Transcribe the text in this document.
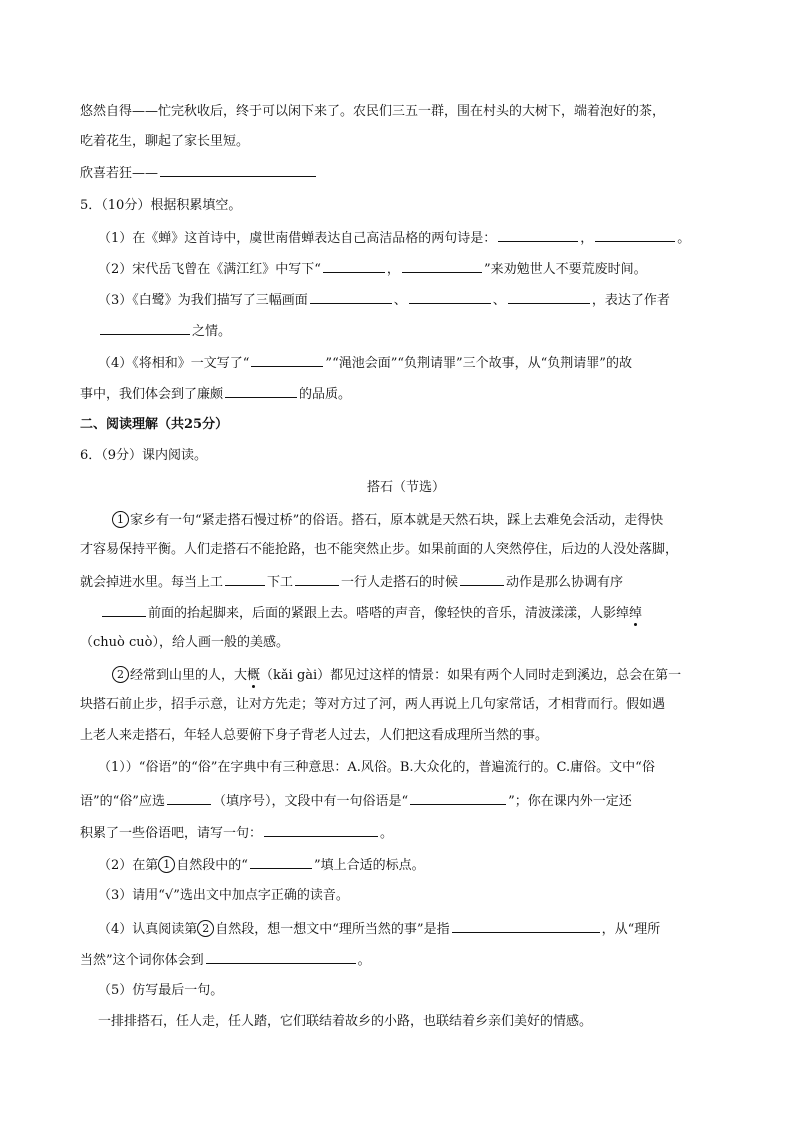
悠然自得——忙完秋收后，终于可以闲下来了。农民们三五一群，围在村头的大树下，端着泡好的茶，
吃着花生，聊起了家长里短。
欣喜若狂——
5．（10分）根据积累填空。
（1）在《蝉》这首诗中，虞世南借蝉表达自己高洁品格的两句诗是：	，	。
（2）宋代岳飞曾在《满江红》中写下“	，	”来劝勉世人不要荒废时间。
（3）《白鹭》为我们描写了三幅画面	、	、	，表达了作者
之情。
（4）《将相和》一文写了“	”“渑池会面”“负荆请罪”三个故事，从“负荆请罪”的故
事中，我们体会到了廉颇	的品质。
二、阅读理解（共25分）
6．（9分）课内阅读。
搭石（节选）
1 家乡有一句“紧走搭石慢过桥”的俗语。搭石，原本就是天然石块，踩上去难免会活动，走得快
才容易保持平衡。人们走搭石不能抢路，也不能突然止步。如果前面的人突然停住，后边的人没处落脚，
就会掉进水里。每当上工	下工	一行人走搭石的时候	动作是那么协调有序
前面的抬起脚来，后面的紧跟上去。嗒嗒的声音，像轻快的音乐，清波漾漾，人影绰绰
（chuò cuò），给人画一般的美感。
2 经常到山里的人，大概（kǎi gài）都见过这样的情景：如果有两个人同时走到溪边，总会在第一
块搭石前止步，招手示意，让对方先走；等对方过了河，两人再说上几句家常话，才相背而行。假如遇
上老人来走搭石，年轻人总要俯下身子背老人过去，人们把这看成理所当然的事。
（1））“俗语”的“俗”在字典中有三种意思：A.风俗。B.大众化的，普遍流行的。C.庸俗。文中“俗
语”的“俗”应选	（填序号），文段中有一句俗语是“	”；你在课内外一定还
积累了一些俗语吧，请写一句：	。
（2）在第 1 自然段中的“	”填上合适的标点。
（3）请用“√”选出文中加点字正确的读音。
（4）认真阅读第 2 自然段，想一想文中“理所当然的事”是指	，从“理所
当然”这个词你体会到	。
（5）仿写最后一句。
一排排搭石，任人走，任人踏，它们联结着故乡的小路，也联结着乡亲们美好的情感。
